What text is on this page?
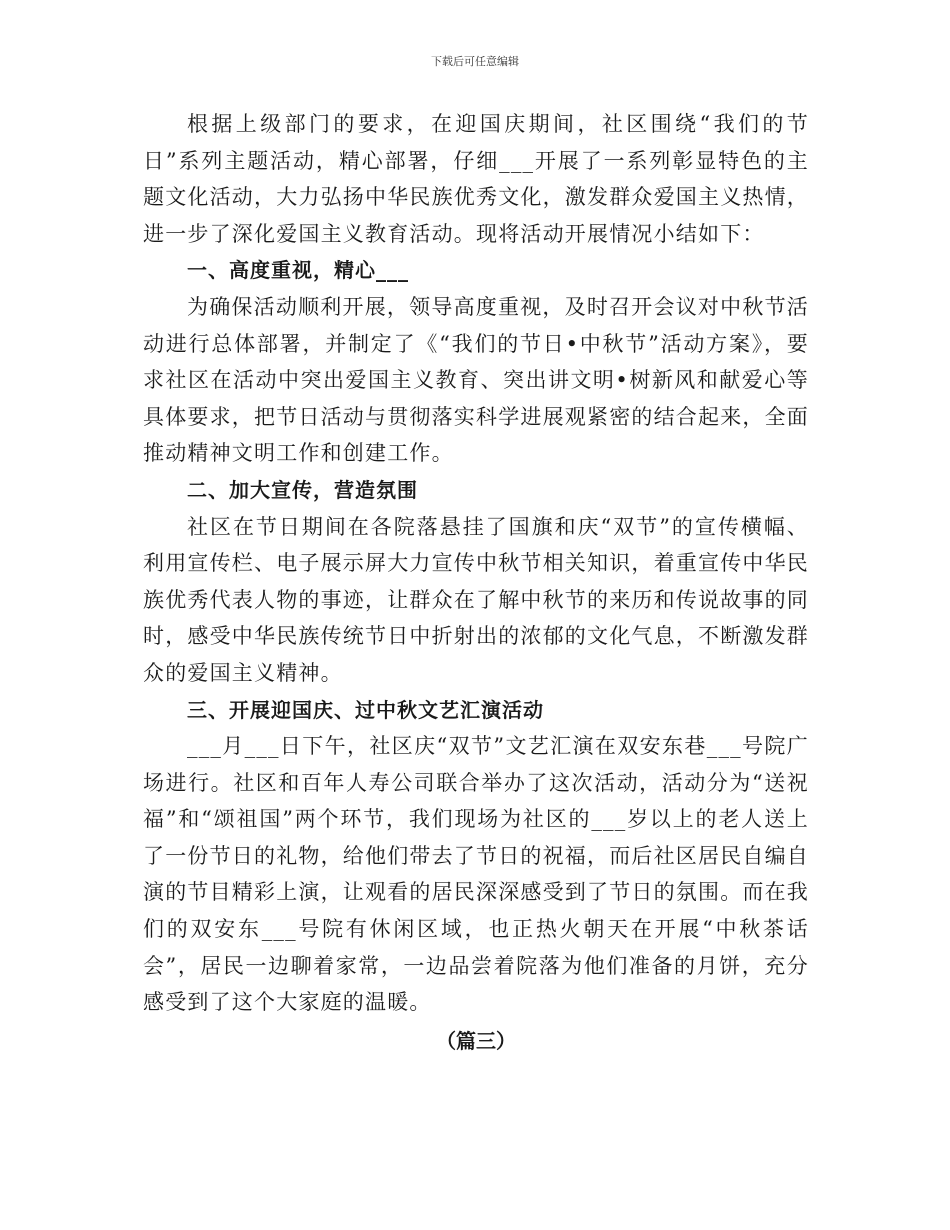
下载后可任意编辑

根据上级部门的要求，在迎国庆期间，社区围绕“我们的节日”系列主题活动，精心部署，仔细___开展了一系列彰显特色的主题文化活动，大力弘扬中华民族优秀文化，激发群众爱国主义热情，进一步了深化爱国主义教育活动。现将活动开展情况小结如下：

一、高度重视，精心___

为确保活动顺利开展，领导高度重视，及时召开会议对中秋节活动进行总体部署，并制定了《“我们的节日•中秋节”活动方案》，要求社区在活动中突出爱国主义教育、突出讲文明•树新风和献爱心等具体要求，把节日活动与贯彻落实科学进展观紧密的结合起来，全面推动精神文明工作和创建工作。

二、加大宣传，营造氛围

社区在节日期间在各院落悬挂了国旗和庆“双节”的宣传横幅、利用宣传栏、电子展示屏大力宣传中秋节相关知识，着重宣传中华民族优秀代表人物的事迹，让群众在了解中秋节的来历和传说故事的同时，感受中华民族传统节日中折射出的浓郁的文化气息，不断激发群众的爱国主义精神。

三、开展迎国庆、过中秋文艺汇演活动

___月___日下午，社区庆“双节”文艺汇演在双安东巷___号院广场进行。社区和百年人寿公司联合举办了这次活动，活动分为“送祝福”和“颂祖国”两个环节，我们现场为社区的___岁以上的老人送上了一份节日的礼物，给他们带去了节日的祝福，而后社区居民自编自演的节目精彩上演，让观看的居民深深感受到了节日的氛围。而在我们的双安东___号院有休闲区域，也正热火朝天在开展“中秋茶话会”，居民一边聊着家常，一边品尝着院落为他们准备的月饼，充分感受到了这个大家庭的温暖。

（篇三）
